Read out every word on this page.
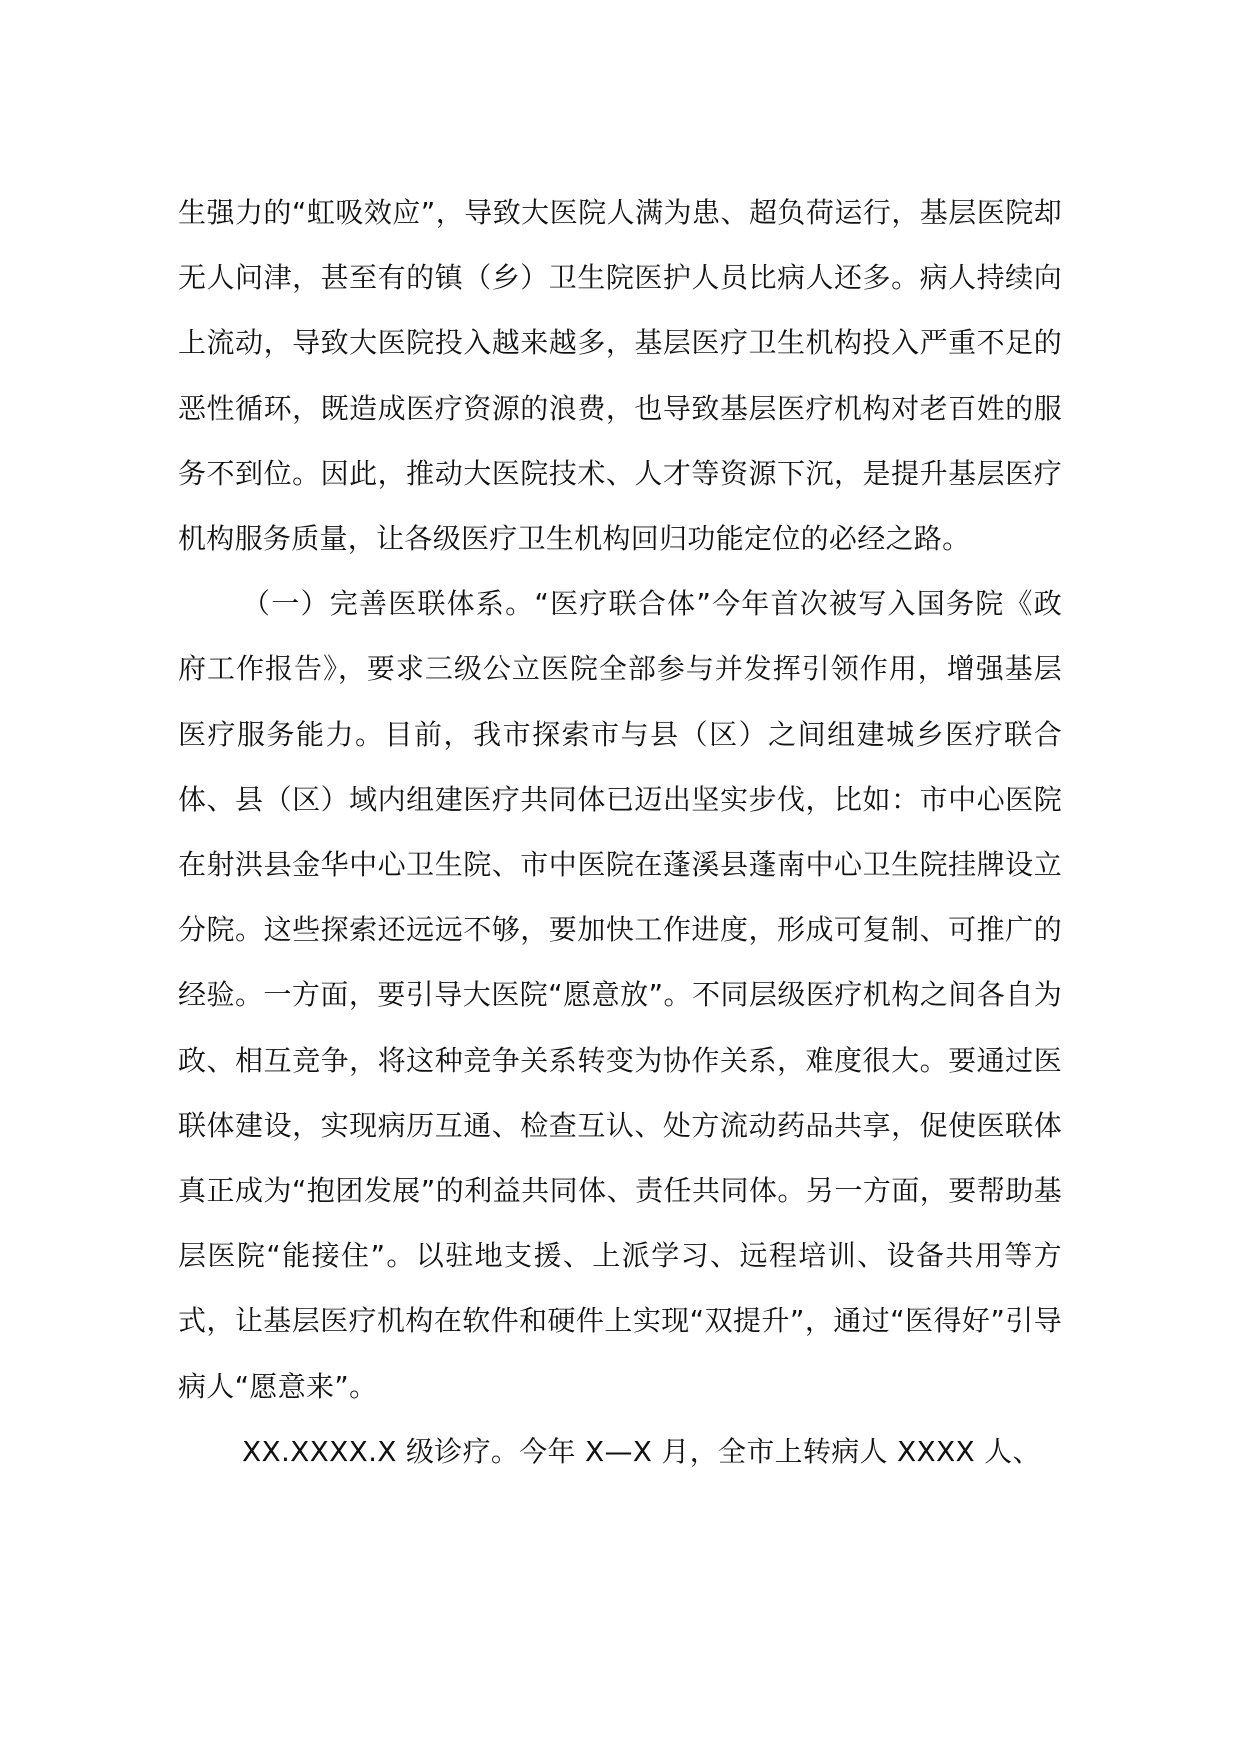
生强力的“虹吸效应”，导致大医院人满为患、超负荷运行，基层医院却无人问津，甚至有的镇（乡）卫生院医护人员比病人还多。病人持续向上流动，导致大医院投入越来越多，基层医疗卫生机构投入严重不足的恶性循环，既造成医疗资源的浪费，也导致基层医疗机构对老百姓的服务不到位。因此，推动大医院技术、人才等资源下沉，是提升基层医疗机构服务质量，让各级医疗卫生机构回归功能定位的必经之路。

（一）完善医联体系。“医疗联合体”今年首次被写入国务院《政府工作报告》，要求三级公立医院全部参与并发挥引领作用，增强基层医疗服务能力。目前，我市探索市与县（区）之间组建城乡医疗联合体、县（区）域内组建医疗共同体已迈出坚实步伐，比如：市中心医院在射洪县金华中心卫生院、市中医院在蓬溪县蓬南中心卫生院挂牌设立分院。这些探索还远远不够，要加快工作进度，形成可复制、可推广的经验。一方面，要引导大医院“愿意放”。不同层级医疗机构之间各自为政、相互竞争，将这种竞争关系转变为协作关系，难度很大。要通过医联体建设，实现病历互通、检查互认、处方流动药品共享，促使医联体真正成为“抱团发展”的利益共同体、责任共同体。另一方面，要帮助基层医院“能接住”。以驻地支援、上派学习、远程培训、设备共用等方式，让基层医疗机构在软件和硬件上实现“双提升”，通过“医得好”引导病人“愿意来”。

XX.XXXX.X 级诊疗。今年 X—X 月，全市上转病人 XXXX 人、
